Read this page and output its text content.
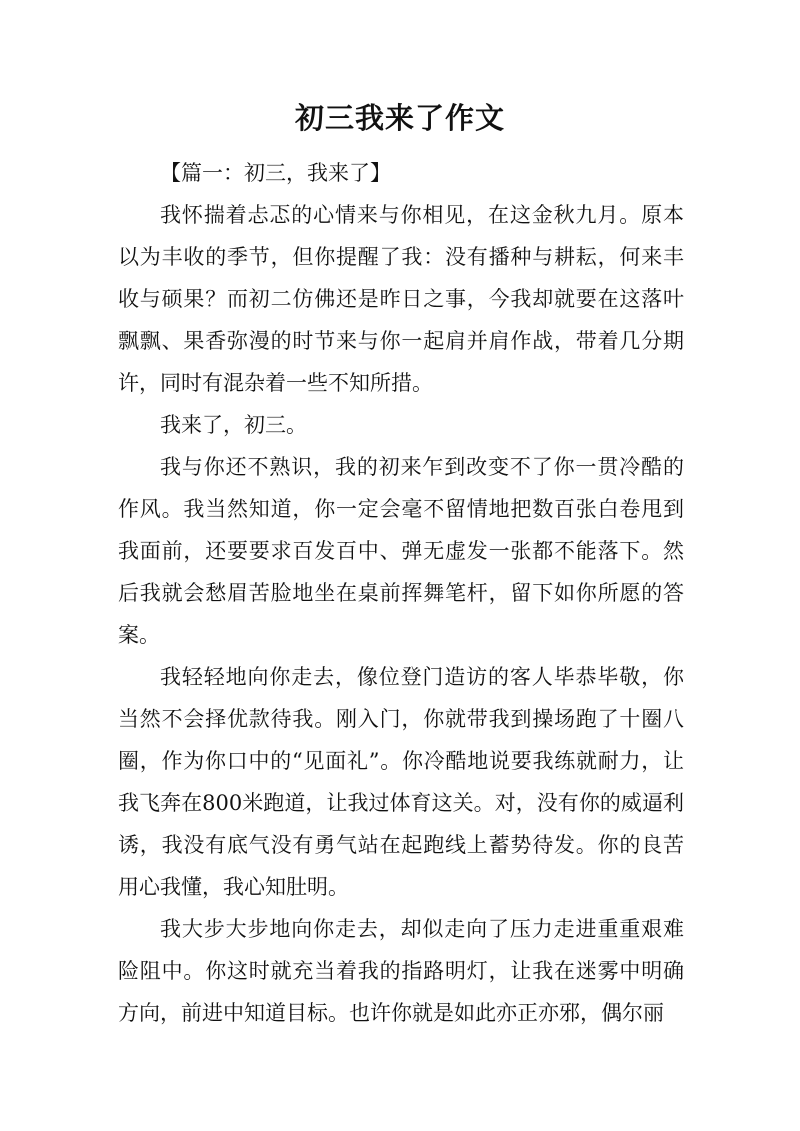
初三我来了作文

【篇一：初三，我来了】

我怀揣着忐忑的心情来与你相见，在这金秋九月。原本以为丰收的季节，但你提醒了我：没有播种与耕耘，何来丰收与硕果？而初二仿佛还是昨日之事，今我却就要在这落叶飘飘、果香弥漫的时节来与你一起肩并肩作战，带着几分期许，同时有混杂着一些不知所措。

我来了，初三。

我与你还不熟识，我的初来乍到改变不了你一贯冷酷的作风。我当然知道，你一定会毫不留情地把数百张白卷甩到我面前，还要要求百发百中、弹无虚发一张都不能落下。然后我就会愁眉苦脸地坐在桌前挥舞笔杆，留下如你所愿的答案。

我轻轻地向你走去，像位登门造访的客人毕恭毕敬，你当然不会择优款待我。刚入门，你就带我到操场跑了十圈八圈，作为你口中的“见面礼”。你冷酷地说要我练就耐力，让我飞奔在800米跑道，让我过体育这关。对，没有你的威逼利诱，我没有底气没有勇气站在起跑线上蓄势待发。你的良苦用心我懂，我心知肚明。

我大步大步地向你走去，却似走向了压力走进重重艰难险阻中。你这时就充当着我的指路明灯，让我在迷雾中明确方向，前进中知道目标。也许你就是如此亦正亦邪，偶尔丽
